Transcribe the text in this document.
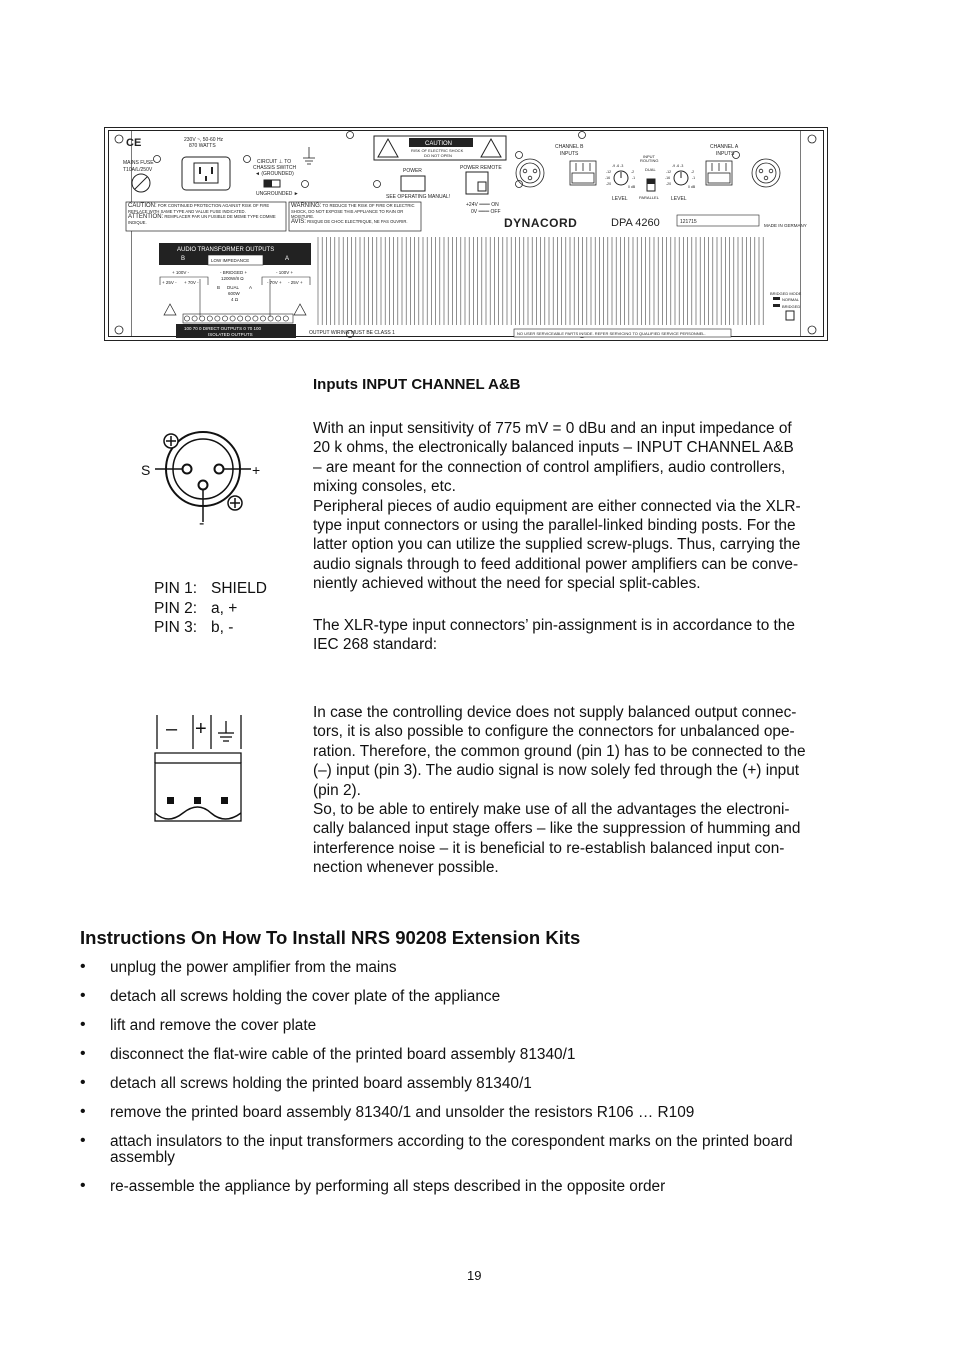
CE
MAINS FUSE
T10A/L/250V
230V ~, 50-60 Hz
870 WATTS
CIRCUIT ⊥ TO
CHASSIS SWITCH
◄ (GROUNDED)
UNGROUNDED ►
CAUTION
RISK OF ELECTRIC SHOCK
DO NOT OPEN
POWER
SEE OPERATING MANUAL!
POWER REMOTE
+24V ═══ ON
0V ═══ OFF
CHANNEL B
INPUTS
CHANNEL A
INPUTS
INPUT
ROUTING
DUAL
PARALLEL
LEVEL	LEVEL
-9 -6 -3
-12
-16
-20
-2
-1
0 dB
-9 -6 -3
-12
-16
-20
-2
-1
0 dB
DYNACORD	DPA 4260	MADE IN GERMANY
121715
CAUTION: FOR CONTINUED PROTECTION AGAINST RISK OF FIRE REPLACE WITH SAME TYPE AND VALUE FUSE INDICATED.
ATTENTION: REMPLACER PAR UN FUSIBLE DE MEME TYPE COMME INDIQUE.
WARNING: TO REDUCE THE RISK OF FIRE OR ELECTRIC SHOCK, DO NOT EXPOSE THIS APPLIANCE TO RAIN OR MOISTURE.
AVIS: RISQUE DE CHOC ELECTRIQUE, NE PAS OUVRIR.
AUDIO TRANSFORMER OUTPUTS
B	A
LOW IMPEDANCE
+ 100V -	- 100V +
- BRIDGED +
1200W/8 Ω
B DUAL A
600W
4 Ω
+ 25V - + 70V -	- 70V + - 25V +
100 70 0 DIRECT OUTPUTS 0 70 100
ISOLATED OUTPUTS	OUTPUT WIRING MUST BE CLASS 1	NO USER SERVICEABLE PARTS INSIDE. REFER SERVICING TO QUALIFIED SERVICE PERSONNEL.
BRIDGED MODE
NORMAL
BRIDGED
Inputs INPUT CHANNEL A&B

With an input sensitivity of 775 mV = 0 dBu and an input impedance of
20 k ohms, the electronically balanced inputs – INPUT CHANNEL A&B
– are meant for the connection of control amplifiers, audio controllers,
mixing consoles, etc.
Peripheral pieces of audio equipment are either connected via the XLR-
type input connectors or using the parallel-linked binding posts. For the
latter option you can utilize the supplied screw-plugs. Thus, carrying the
audio signals through to feed additional power amplifiers can be conve-
niently achieved without the need for special split-cables.

The XLR-type input connectors’ pin-assignment is in accordance to the
IEC 268 standard:

In case the controlling device does not supply balanced output connec-
tors, it is also possible to configure the connectors for unbalanced ope-
ration. Therefore, the common ground (pin 1) has to be connected to the
(–) input (pin 3). The audio signal is now solely fed through the (+) input
(pin 2).
So, to be able to entirely make use of all the advantages the electroni-
cally balanced input stage offers – like the suppression of humming and
interference noise – it is beneficial to re-establish balanced input con-
nection whenever possible.

S	+
-
PIN 1: SHIELD
PIN 2: a, +
PIN 3: b, -
– +
Instructions On How To Install NRS 90208 Extension Kits
• unplug the power amplifier from the mains
• detach all screws holding the cover plate of the appliance
• lift and remove the cover plate
• disconnect the flat-wire cable of the printed board assembly 81340/1
• detach all screws holding the printed board assembly 81340/1
• remove the printed board assembly 81340/1 and unsolder the resistors R106 … R109
• attach insulators to the input transformers according to the corespondent marks on the printed board assembly
• re-assemble the appliance by performing all steps described in the opposite order
19
